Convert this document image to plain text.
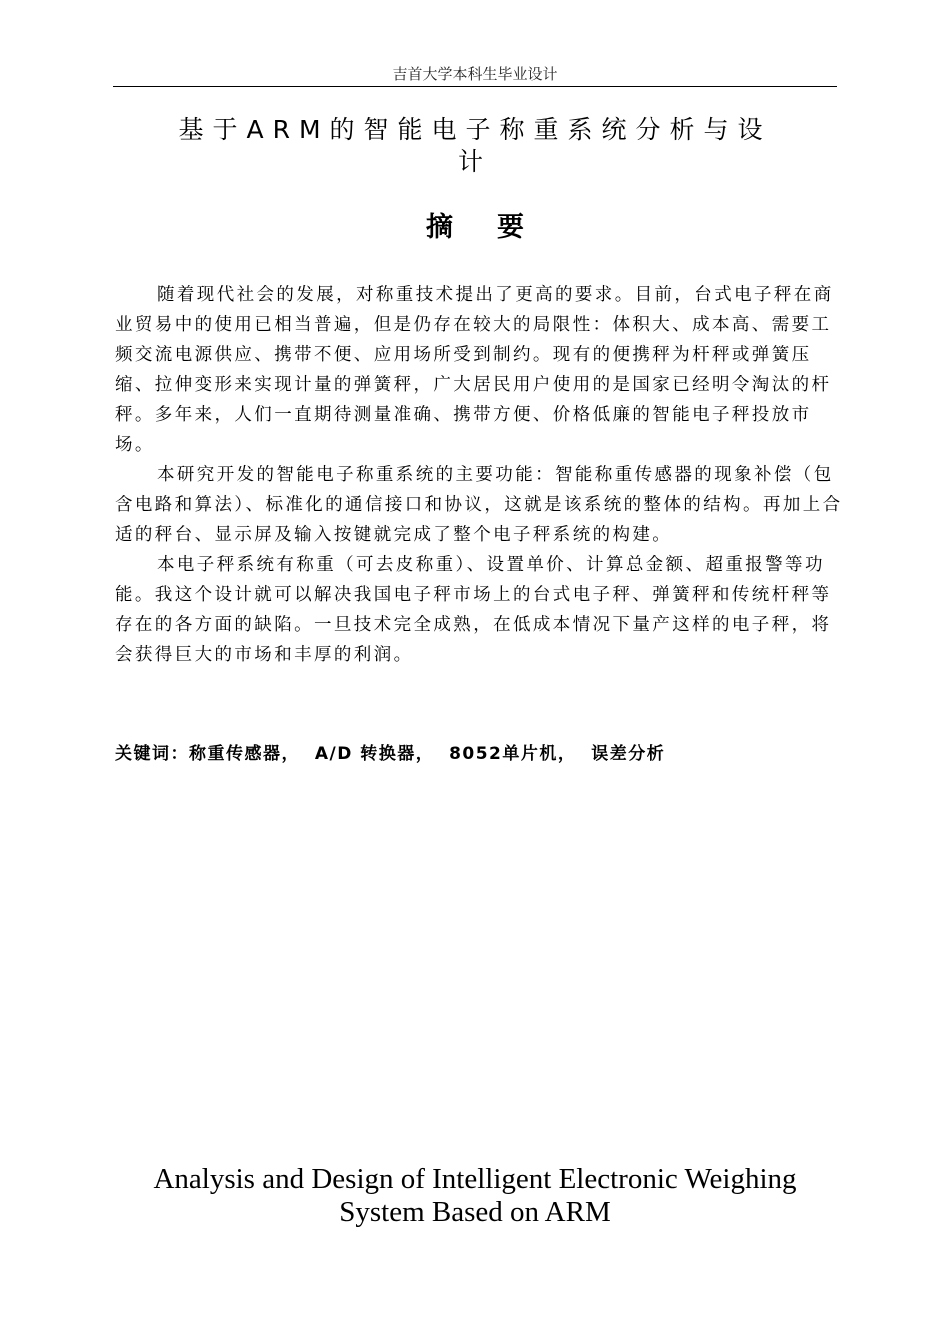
吉首大学本科生毕业设计
基于ARM的智能电子称重系统分析与设
计
摘要

随着现代社会的发展，对称重技术提出了更高的要求。目前，台式电子秤在商业贸易中的使用已相当普遍，但是仍存在较大的局限性：体积大、成本高、需要工频交流电源供应、携带不便、应用场所受到制约。现有的便携秤为杆秤或弹簧压缩、拉伸变形来实现计量的弹簧秤，广大居民用户使用的是国家已经明令淘汰的杆秤。多年来，人们一直期待测量准确、携带方便、价格低廉的智能电子秤投放市场。

本研究开发的智能电子称重系统的主要功能：智能称重传感器的现象补偿（包含电路和算法）、标准化的通信接口和协议，这就是该系统的整体的结构。再加上合适的秤台、显示屏及输入按键就完成了整个电子秤系统的构建。

本电子秤系统有称重（可去皮称重）、设置单价、计算总金额、超重报警等功能。我这个设计就可以解决我国电子秤市场上的台式电子秤、弹簧秤和传统杆秤等存在的各方面的缺陷。一旦技术完全成熟，在低成本情况下量产这样的电子秤，将会获得巨大的市场和丰厚的利润。

关键词：称重传感器，  A/D 转换器，  8052单片机，  误差分析
Analysis and Design of Intelligent Electronic Weighing
System Based on ARM
